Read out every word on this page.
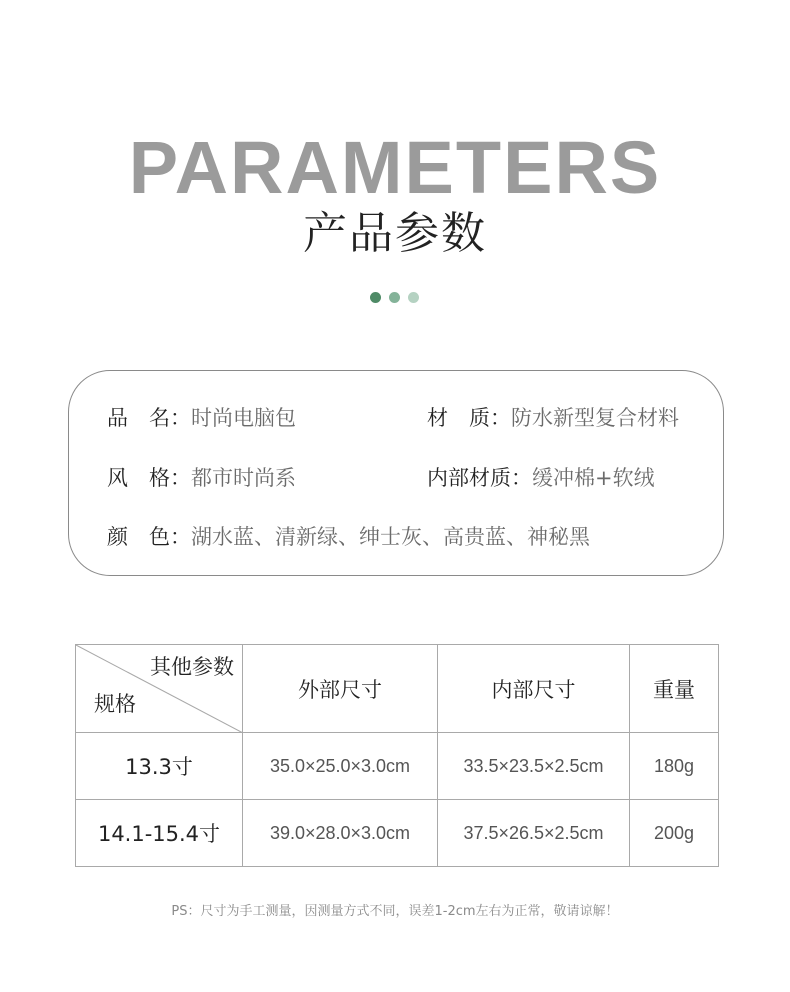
PARAMETERS
产品参数
品　名：时尚电脑包	材　质：防水新型复合材料
风　格：都市时尚系	内部材质：缓冲棉+软绒
颜　色：湖水蓝、清新绿、绅士灰、高贵蓝、神秘黑
其他参数
规格	外部尺寸	内部尺寸	重量
13.3寸	35.0×25.0×3.0cm	33.5×23.5×2.5cm	180g
14.1-15.4寸	39.0×28.0×3.0cm	37.5×26.5×2.5cm	200g
PS：尺寸为手工测量，因测量方式不同，误差1-2cm左右为正常，敬请谅解！
